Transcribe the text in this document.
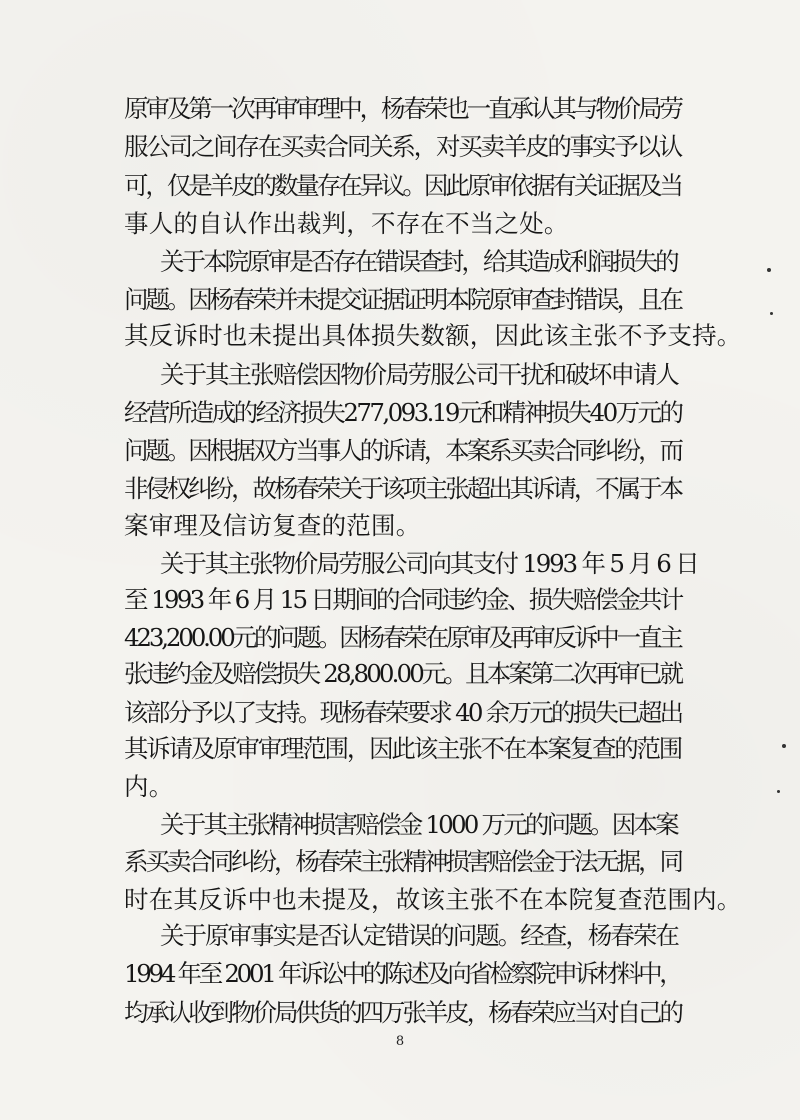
原审及第一次再审审理中，杨春荣也一直承认其与物价局劳
服公司之间存在买卖合同关系，对买卖羊皮的事实予以认
可，仅是羊皮的数量存在异议。因此原审依据有关证据及当
事人的自认作出裁判，不存在不当之处。
关于本院原审是否存在错误查封，给其造成利润损失的
问题。因杨春荣并未提交证据证明本院原审查封错误，且在
其反诉时也未提出具体损失数额，因此该主张不予支持。
关于其主张赔偿因物价局劳服公司干扰和破坏申请人
经营所造成的经济损失277,093.19元和精神损失40万元的
问题。因根据双方当事人的诉请，本案系买卖合同纠纷，而
非侵权纠纷，故杨春荣关于该项主张超出其诉请，不属于本
案审理及信访复查的范围。
关于其主张物价局劳服公司向其支付 1993 年 5 月 6 日
至 1993 年 6 月 15 日期间的合同违约金、损失赔偿金共计
423,200.00元的问题。因杨春荣在原审及再审反诉中一直主
张违约金及赔偿损失 28,800.00元。且本案第二次再审已就
该部分予以了支持。现杨春荣要求 40 余万元的损失已超出
其诉请及原审审理范围，因此该主张不在本案复查的范围
内。
关于其主张精神损害赔偿金 1000 万元的问题。因本案
系买卖合同纠纷，杨春荣主张精神损害赔偿金于法无据，同
时在其反诉中也未提及，故该主张不在本院复查范围内。
关于原审事实是否认定错误的问题。经查，杨春荣在
1994 年至 2001 年诉讼中的陈述及向省检察院申诉材料中，
均承认收到物价局供货的四万张羊皮，杨春荣应当对自己的
8
